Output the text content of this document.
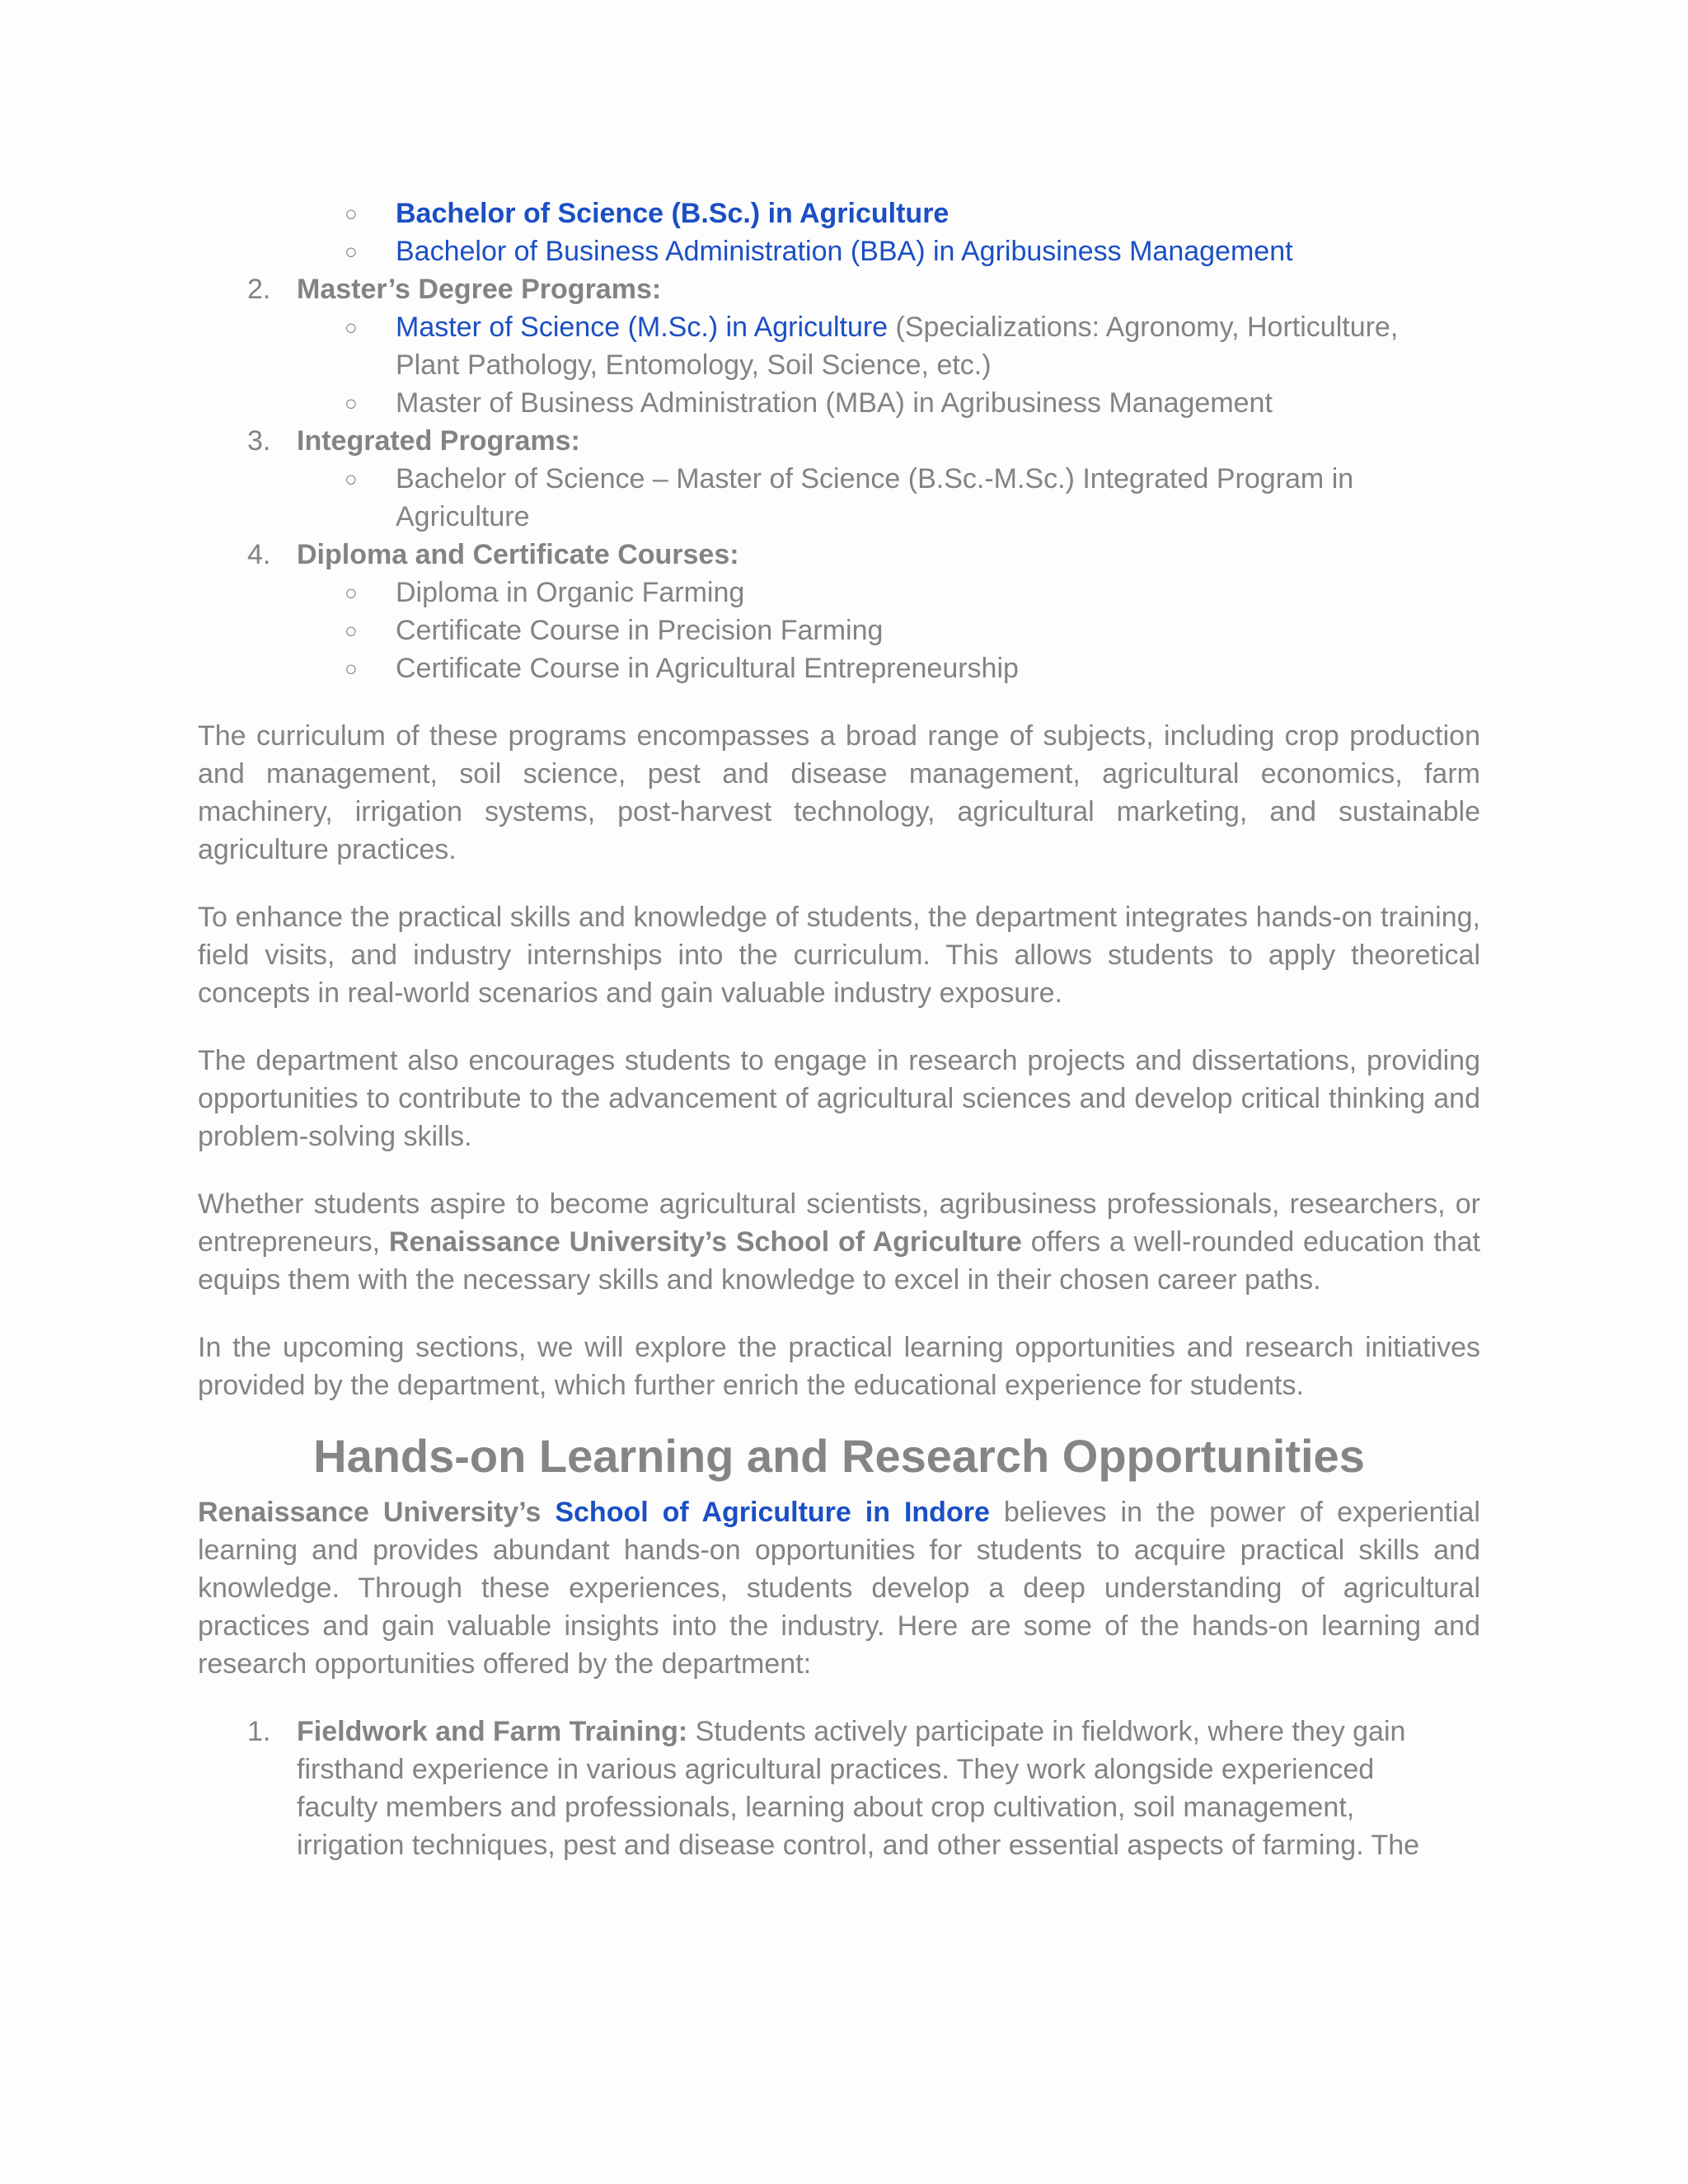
○ Bachelor of Science (B.Sc.) in Agriculture
○ Bachelor of Business Administration (BBA) in Agribusiness Management
2. Master’s Degree Programs:
○ Master of Science (M.Sc.) in Agriculture (Specializations: Agronomy, Horticulture, Plant Pathology, Entomology, Soil Science, etc.)
○ Master of Business Administration (MBA) in Agribusiness Management
3. Integrated Programs:
○ Bachelor of Science – Master of Science (B.Sc.-M.Sc.) Integrated Program in Agriculture
4. Diploma and Certificate Courses:
○ Diploma in Organic Farming
○ Certificate Course in Precision Farming
○ Certificate Course in Agricultural Entrepreneurship

The curriculum of these programs encompasses a broad range of subjects, including crop production and management, soil science, pest and disease management, agricultural economics, farm machinery, irrigation systems, post-harvest technology, agricultural marketing, and sustainable agriculture practices.

To enhance the practical skills and knowledge of students, the department integrates hands-on training, field visits, and industry internships into the curriculum. This allows students to apply theoretical concepts in real-world scenarios and gain valuable industry exposure.

The department also encourages students to engage in research projects and dissertations, providing opportunities to contribute to the advancement of agricultural sciences and develop critical thinking and problem-solving skills.

Whether students aspire to become agricultural scientists, agribusiness professionals, researchers, or entrepreneurs, Renaissance University’s School of Agriculture offers a well-rounded education that equips them with the necessary skills and knowledge to excel in their chosen career paths.

In the upcoming sections, we will explore the practical learning opportunities and research initiatives provided by the department, which further enrich the educational experience for students.

Hands-on Learning and Research Opportunities

Renaissance University’s School of Agriculture in Indore believes in the power of experiential learning and provides abundant hands-on opportunities for students to acquire practical skills and knowledge. Through these experiences, students develop a deep understanding of agricultural practices and gain valuable insights into the industry. Here are some of the hands-on learning and research opportunities offered by the department:

1. Fieldwork and Farm Training: Students actively participate in fieldwork, where they gain firsthand experience in various agricultural practices. They work alongside experienced faculty members and professionals, learning about crop cultivation, soil management, irrigation techniques, pest and disease control, and other essential aspects of farming. The
